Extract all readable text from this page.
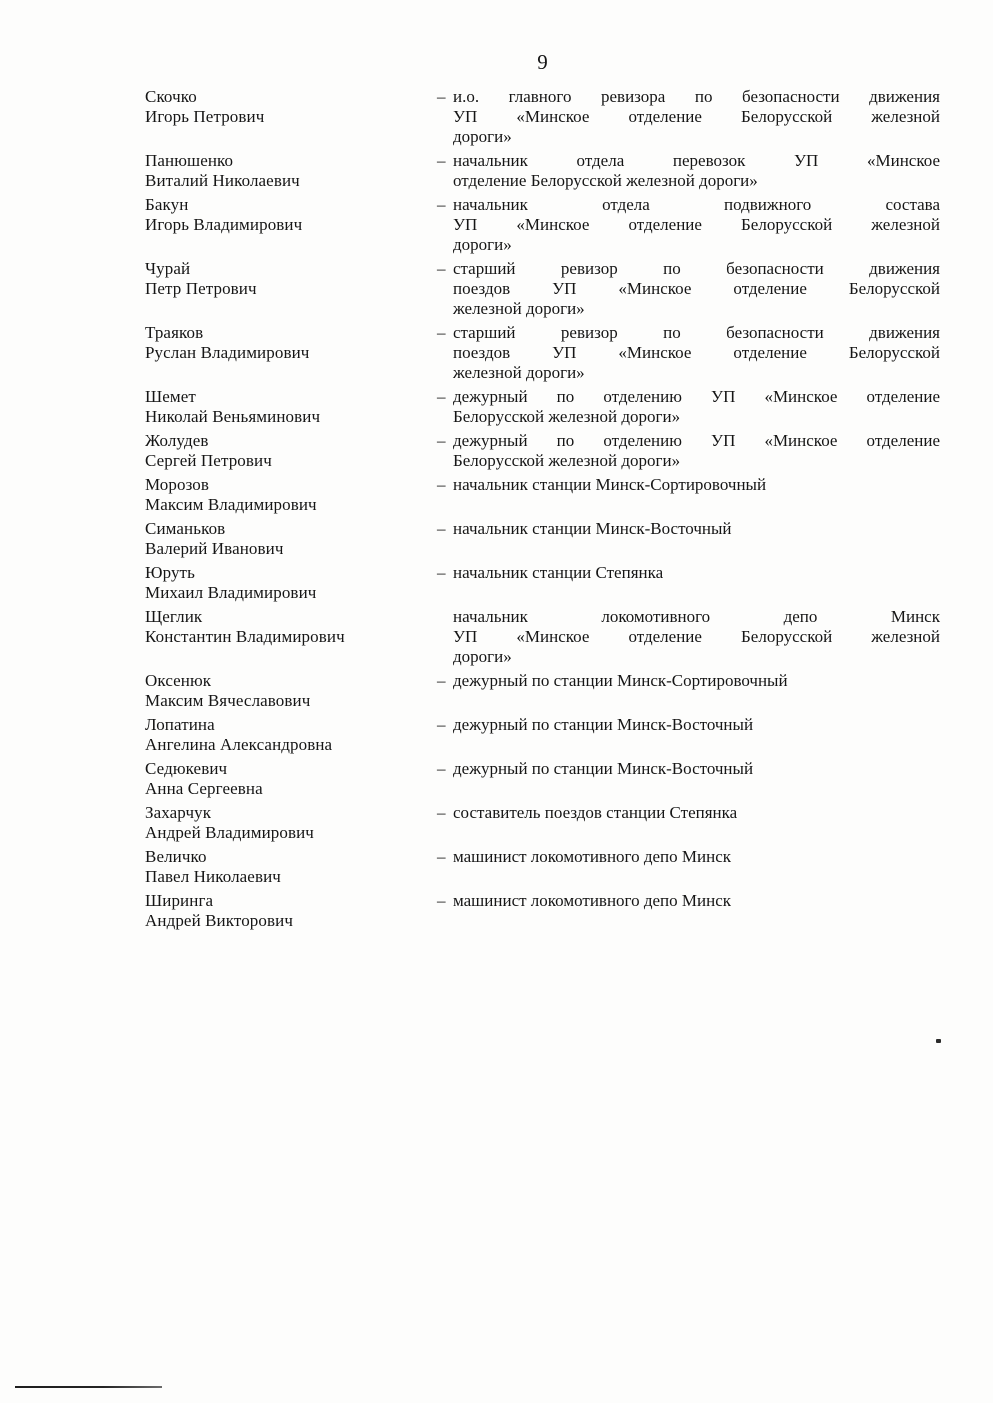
9
Скочко
Игорь Петрович
– и.о. главного ревизора по безопасности движения
УП «Минское отделение Белорусской железной
дороги»
Панюшенко
Виталий Николаевич
– начальник отдела перевозок УП «Минское
отделение Белорусской железной дороги»
Бакун
Игорь Владимирович
– начальник отдела подвижного состава
УП «Минское отделение Белорусской железной
дороги»
Чурай
Петр Петрович
– старший ревизор по безопасности движения
поездов УП «Минское отделение Белорусской
железной дороги»
Траяков
Руслан Владимирович
– старший ревизор по безопасности движения
поездов УП «Минское отделение Белорусской
железной дороги»
Шемет
Николай Веньяминович
– дежурный по отделению УП «Минское отделение
Белорусской железной дороги»
Жолудев
Сергей Петрович
– дежурный по отделению УП «Минское отделение
Белорусской железной дороги»
Морозов
Максим Владимирович
– начальник станции Минск-Сортировочный
Симаньков
Валерий Иванович
– начальник станции Минск-Восточный
Юруть
Михаил Владимирович
– начальник станции Степянка
Щеглик
Константин Владимирович
начальник локомотивного депо Минск
УП «Минское отделение Белорусской железной
дороги»
Оксенюк
Максим Вячеславович
– дежурный по станции Минск-Сортировочный
Лопатина
Ангелина Александровна
– дежурный по станции Минск-Восточный
Седюкевич
Анна Сергеевна
– дежурный по станции Минск-Восточный
Захарчук
Андрей Владимирович
– составитель поездов станции Степянка
Величко
Павел Николаевич
– машинист локомотивного депо Минск
Ширинга
Андрей Викторович
– машинист локомотивного депо Минск
